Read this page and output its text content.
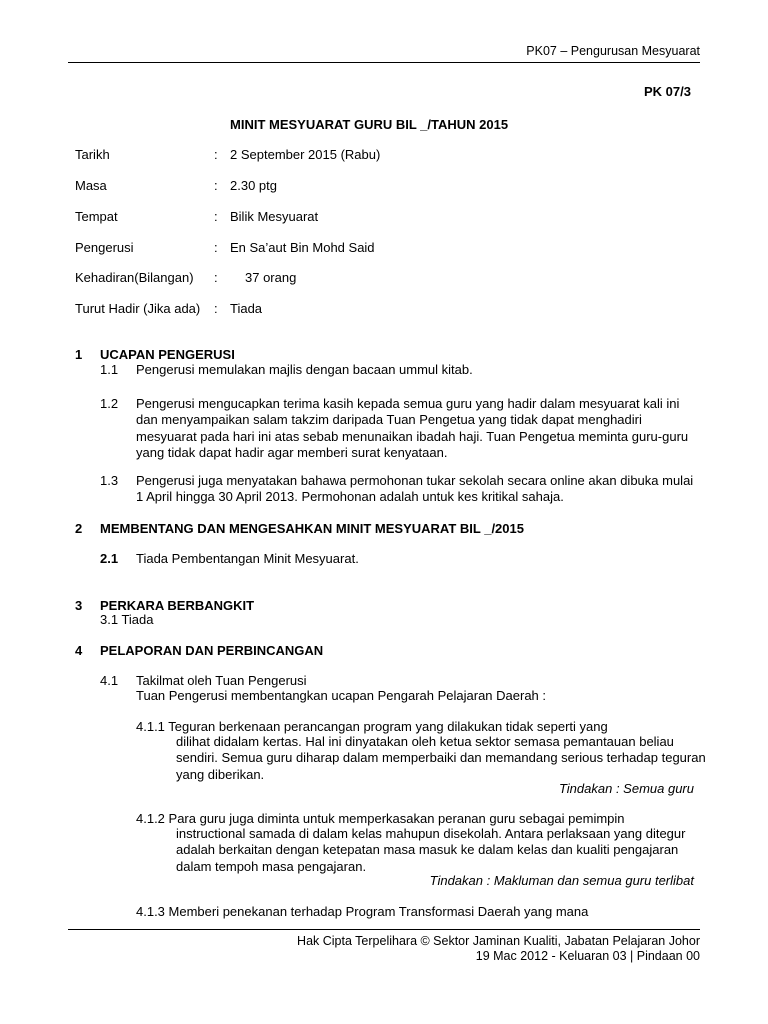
PK07 – Pengurusan Mesyuarat
PK 07/3
MINIT MESYUARAT GURU BIL _/TAHUN 2015
Tarikh	: 2 September 2015 (Rabu)
Masa	: 2.30 ptg
Tempat	: Bilik Mesyuarat
Pengerusi	: En Sa’aut Bin Mohd Said
Kehadiran(Bilangan) : 37 orang
Turut Hadir (Jika ada) : Tiada
1 UCAPAN PENGERUSI
1.1 Pengerusi memulakan majlis dengan bacaan ummul kitab.
1.2 Pengerusi mengucapkan terima kasih kepada semua guru yang hadir dalam mesyuarat kali ini dan menyampaikan salam takzim daripada Tuan Pengetua yang tidak dapat menghadiri mesyuarat pada hari ini atas sebab menunaikan ibadah haji. Tuan Pengetua meminta guru-guru yang tidak dapat hadir agar memberi surat kenyataan.
1.3 Pengerusi juga menyatakan bahawa permohonan tukar sekolah secara online akan dibuka mulai 1 April hingga 30 April 2013. Permohonan adalah untuk kes kritikal sahaja.
2 MEMBENTANG DAN MENGESAHKAN MINIT MESYUARAT BIL _/2015
2.1 Tiada Pembentangan Minit Mesyuarat.
3 PERKARA BERBANGKIT
3.1 Tiada
4 PELAPORAN DAN PERBINCANGAN
4.1 Takilmat oleh Tuan Pengerusi
Tuan Pengerusi membentangkan ucapan Pengarah Pelajaran Daerah :
4.1.1 Teguran berkenaan perancangan program yang dilakukan tidak seperti yang
dilihat didalam kertas. Hal ini dinyatakan oleh ketua sektor semasa pemantauan beliau sendiri. Semua guru diharap dalam memperbaiki dan memandang serious terhadap teguran yang diberikan.
Tindakan : Semua guru
4.1.2 Para guru juga diminta untuk memperkasakan peranan guru sebagai pemimpin
instructional samada di dalam kelas mahupun disekolah. Antara perlaksaan yang ditegur adalah berkaitan dengan ketepatan masa masuk ke dalam kelas dan kualiti pengajaran dalam tempoh masa pengajaran.
Tindakan : Makluman dan semua guru terlibat
4.1.3 Memberi penekanan terhadap Program Transformasi Daerah yang mana
Hak Cipta Terpelihara © Sektor Jaminan Kualiti, Jabatan Pelajaran Johor
19 Mac 2012 - Keluaran 03 | Pindaan 00
